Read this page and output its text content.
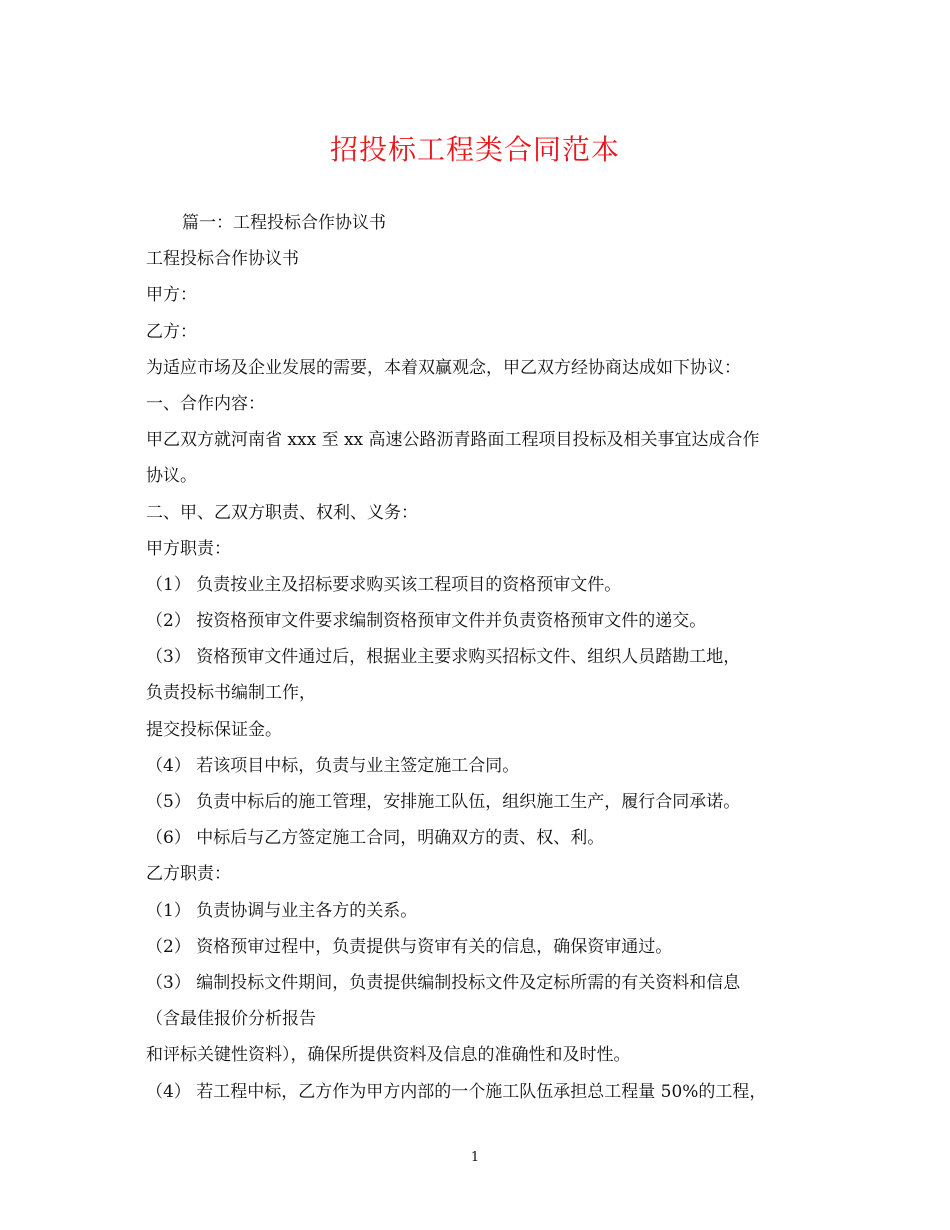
招投标工程类合同范本
篇一：工程投标合作协议书
工程投标合作协议书
甲方：
乙方：
为适应市场及企业发展的需要，本着双赢观念，甲乙双方经协商达成如下协议：
一、合作内容：
甲乙双方就河南省 xxx 至 xx 高速公路沥青路面工程项目投标及相关事宜达成合作
协议。
二、甲、乙双方职责、权利、义务：
甲方职责：
（1） 负责按业主及招标要求购买该工程项目的资格预审文件。
（2） 按资格预审文件要求编制资格预审文件并负责资格预审文件的递交。
（3） 资格预审文件通过后，根据业主要求购买招标文件、组织人员踏勘工地，
负责投标书编制工作，
提交投标保证金。
（4） 若该项目中标，负责与业主签定施工合同。
（5） 负责中标后的施工管理，安排施工队伍，组织施工生产，履行合同承诺。
（6） 中标后与乙方签定施工合同，明确双方的责、权、利。
乙方职责：
（1） 负责协调与业主各方的关系。
（2） 资格预审过程中，负责提供与资审有关的信息，确保资审通过。
（3） 编制投标文件期间，负责提供编制投标文件及定标所需的有关资料和信息
（含最佳报价分析报告
和评标关键性资料），确保所提供资料及信息的准确性和及时性。
（4） 若工程中标，乙方作为甲方内部的一个施工队伍承担总工程量 50%的工程，
1
